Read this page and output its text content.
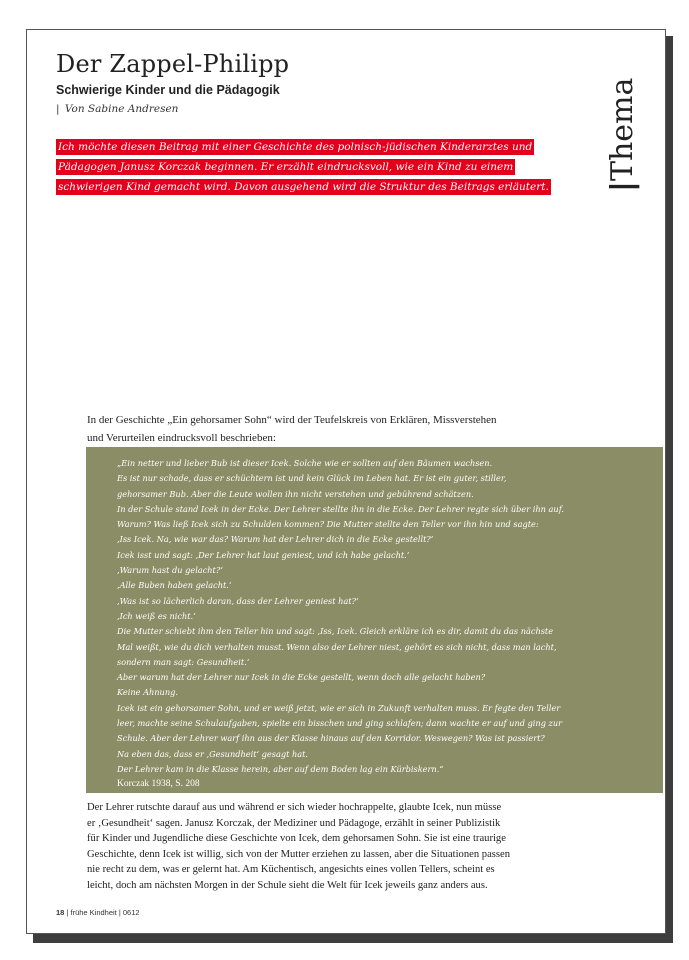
Der Zappel-Philipp
Schwierige Kinder und die Pädagogik
| Von Sabine Andresen
|Thema
Ich möchte diesen Beitrag mit einer Geschichte des polnisch-jüdischen Kinderarztes und
Pädagogen Janusz Korczak beginnen. Er erzählt eindrucksvoll, wie ein Kind zu einem
schwierigen Kind gemacht wird. Davon ausgehend wird die Struktur des Beitrags erläutert.
In der Geschichte „Ein gehorsamer Sohn“ wird der Teufelskreis von Erklären, Missverstehen
und Verurteilen eindrucksvoll beschrieben:
„Ein netter und lieber Bub ist dieser Icek. Solche wie er sollten auf den Bäumen wachsen.
Es ist nur schade, dass er schüchtern ist und kein Glück im Leben hat. Er ist ein guter, stiller,
gehorsamer Bub. Aber die Leute wollen ihn nicht verstehen und gebührend schätzen.
In der Schule stand Icek in der Ecke. Der Lehrer stellte ihn in die Ecke. Der Lehrer regte sich über ihn auf.
Warum? Was ließ Icek sich zu Schulden kommen? Die Mutter stellte den Teller vor ihn hin und sagte:
‚Iss Icek. Na, wie war das? Warum hat der Lehrer dich in die Ecke gestellt?‘
Icek isst und sagt: ‚Der Lehrer hat laut geniest, und ich habe gelacht.‘
‚Warum hast du gelacht?‘
‚Alle Buben haben gelacht.‘
‚Was ist so lächerlich daran, dass der Lehrer geniest hat?‘
‚Ich weiß es nicht.‘
Die Mutter schiebt ihm den Teller hin und sagt: ‚Iss, Icek. Gleich erkläre ich es dir, damit du das nächste
Mal weißt, wie du dich verhalten musst. Wenn also der Lehrer niest, gehört es sich nicht, dass man lacht,
sondern man sagt: Gesundheit.‘
Aber warum hat der Lehrer nur Icek in die Ecke gestellt, wenn doch alle gelacht haben?
Keine Ahnung.
Icek ist ein gehorsamer Sohn, und er weiß jetzt, wie er sich in Zukunft verhalten muss. Er fegte den Teller
leer, machte seine Schulaufgaben, spielte ein bisschen und ging schlafen; dann wachte er auf und ging zur
Schule. Aber der Lehrer warf ihn aus der Klasse hinaus auf den Korridor. Weswegen? Was ist passiert?
Na eben das, dass er ‚Gesundheit‘ gesagt hat.
Der Lehrer kam in die Klasse herein, aber auf dem Boden lag ein Kürbiskern.“
Korczak 1938, S. 208
Der Lehrer rutschte darauf aus und während er sich wieder hochrappelte, glaubte Icek, nun müsse
er ‚Gesundheit‘ sagen. Janusz Korczak, der Mediziner und Pädagoge, erzählt in seiner Publizistik
für Kinder und Jugendliche diese Geschichte von Icek, dem gehorsamen Sohn. Sie ist eine traurige
Geschichte, denn Icek ist willig, sich von der Mutter erziehen zu lassen, aber die Situationen passen
nie recht zu dem, was er gelernt hat. Am Küchentisch, angesichts eines vollen Tellers, scheint es
leicht, doch am nächsten Morgen in der Schule sieht die Welt für Icek jeweils ganz anders aus.
18 | frühe Kindheit | 0612
